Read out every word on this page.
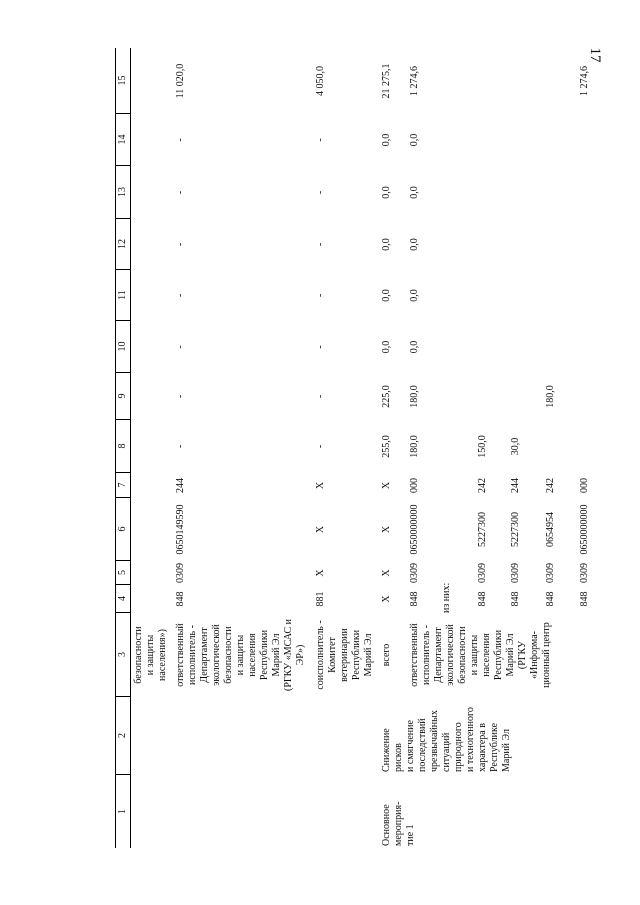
17
1
2
3
4
5
6
7
8
9
10
11
12
13
14
15
безопасности
и защиты
населения») ответственный
исполнитель -
Департамент
экологической
безопасности
и защиты
населения
Республики
Марий Эл
(РГКУ «МСАС и
ЭР»)
848
0309
0650149590
244
-
-
-
-
-
-
-
11 020,0
соисполнитель -
Комитет
ветеринарии
Республики
Марий Эл
881
X
X
X
-
-
-
-
-
-
-
4 050,0
Основное
мероприя-
тие 1
Снижение рисков
и смягчение
последствий
чрезвычайных
ситуаций
природного
и техногенного
характера в
Республике
Марий Эл
всего
X
X
X
X
255,0
225,0
0,0
0,0
0,0
0,0
0,0
21 275,1
ответственный
исполнитель -
Департамент
экологической
безопасности
и защиты
населения
Республики
Марий Эл
(РГКУ
«Информа-
ционный центр
848
0309
0650000000
000
180,0
180,0
0,0
0,0
0,0
0,0
0,0
1 274,6
из них:	848
0309
5227300
242
150,0
848
0309
5227300
244
30,0
848
0309
0654954
242
180,0
848
0309
0650000000
000
1 274,6
